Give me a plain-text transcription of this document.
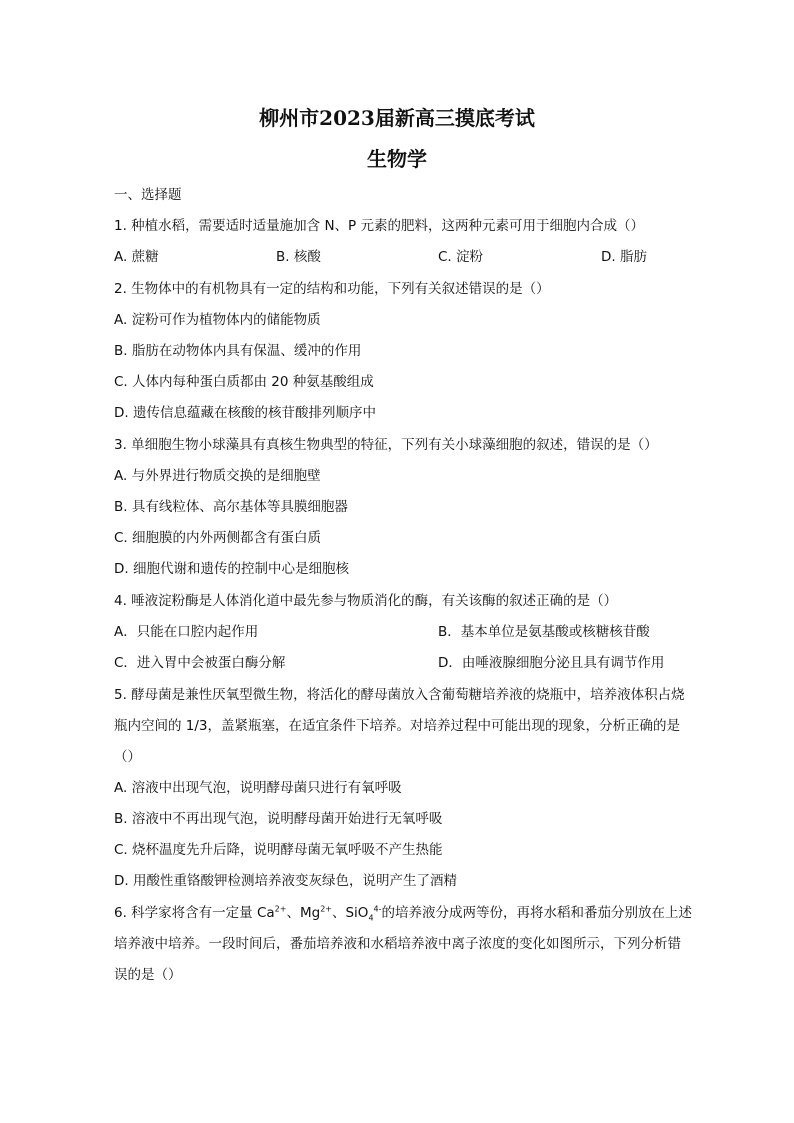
柳州市2023届新高三摸底考试
生物学
一、选择题
1. 种植水稻，需要适时适量施加含 N、P 元素的肥料，这两种元素可用于细胞内合成（）
A. 蔗糖	B. 核酸	C. 淀粉	D. 脂肪
2. 生物体中的有机物具有一定的结构和功能，下列有关叙述错误的是（）
A. 淀粉可作为植物体内的储能物质
B. 脂肪在动物体内具有保温、缓冲的作用
C. 人体内每种蛋白质都由 20 种氨基酸组成
D. 遗传信息蕴藏在核酸的核苷酸排列顺序中
3. 单细胞生物小球藻具有真核生物典型的特征，下列有关小球藻细胞的叙述，错误的是（）
A. 与外界进行物质交换的是细胞壁
B. 具有线粒体、高尔基体等具膜细胞器
C. 细胞膜的内外两侧都含有蛋白质
D. 细胞代谢和遗传的控制中心是细胞核
4. 唾液淀粉酶是人体消化道中最先参与物质消化的酶，有关该酶的叙述正确的是（）
A．只能在口腔内起作用	B．基本单位是氨基酸或核糖核苷酸
C．进入胃中会被蛋白酶分解	D．由唾液腺细胞分泌且具有调节作用
5. 酵母菌是兼性厌氧型微生物，将活化的酵母菌放入含葡萄糖培养液的烧瓶中，培养液体积占烧
瓶内空间的 1/3，盖紧瓶塞，在适宜条件下培养。对培养过程中可能出现的现象，分析正确的是
（）
A. 溶液中出现气泡，说明酵母菌只进行有氧呼吸
B. 溶液中不再出现气泡，说明酵母菌开始进行无氧呼吸
C. 烧杯温度先升后降，说明酵母菌无氧呼吸不产生热能
D. 用酸性重铬酸钾检测培养液变灰绿色，说明产生了酒精
6. 科学家将含有一定量 $Ca^{2+}$、$Mg^{2+}$、SiO$_4^{4-}$的培养液分成两等份，再将水稻和番茄分别放在上述
培养液中培养。一段时间后，番茄培养液和水稻培养液中离子浓度的变化如图所示，下列分析错
误的是（）
